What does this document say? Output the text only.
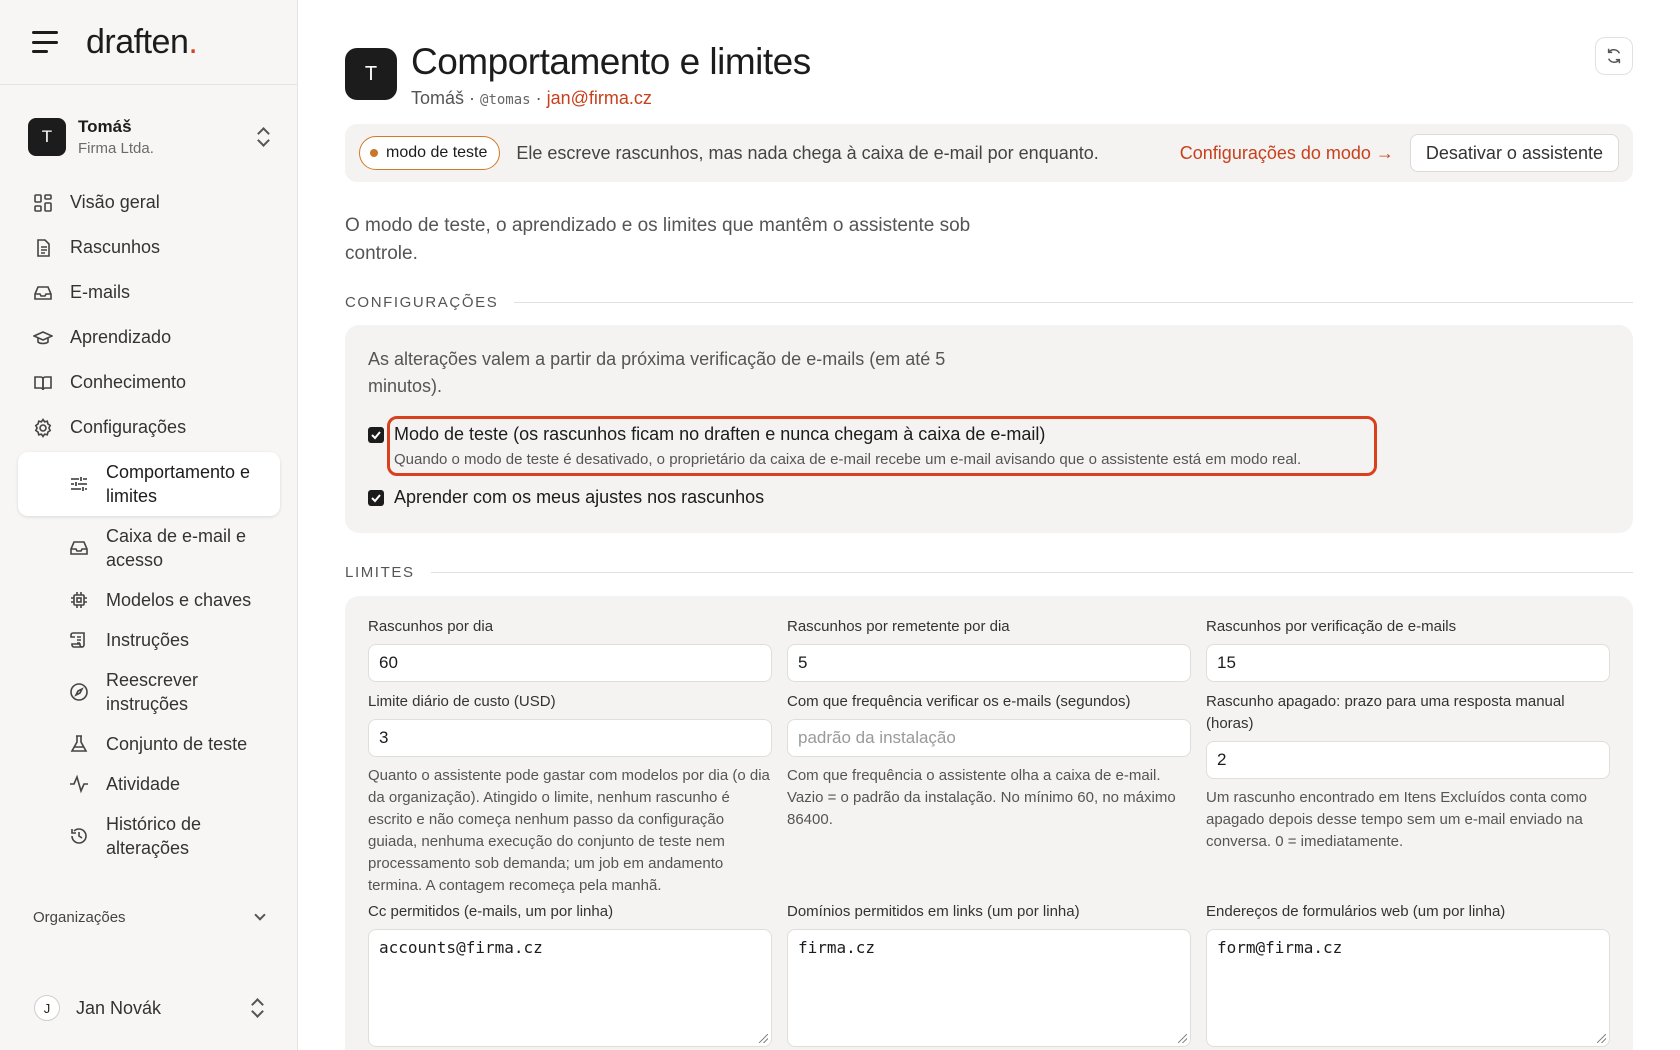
draften.
T
Tomáš
Firma Ltda.
Visão geral
Rascunhos
E-mails
Aprendizado
Conhecimento
Configurações
Comportamento e limites
Caixa de e-mail e acesso
Modelos e chaves
Instruções
Reescrever instruções
Conjunto de teste
Atividade
Histórico de alterações
Organizações
J	Jan Novák
T Comportamento e limites
Tomáš · @tomas · jan@firma.cz
modo de teste Ele escreve rascunhos, mas nada chega à caixa de e-mail por enquanto.	Configurações do modo →	Desativar o assistente

O modo de teste, o aprendizado e os limites que mantêm o assistente sob controle.

CONFIGURAÇÕES
As alterações valem a partir da próxima verificação de e-mails (em até 5 minutos).
Modo de teste (os rascunhos ficam no draften e nunca chegam à caixa de e-mail)
Quando o modo de teste é desativado, o proprietário da caixa de e-mail recebe um e-mail avisando que o assistente está em modo real.
Aprender com os meus ajustes nos rascunhos
LIMITES
Rascunhos por dia
60
Rascunhos por remetente por dia
5
Rascunhos por verificação de e-mails
15
Limite diário de custo (USD)
3
Quanto o assistente pode gastar com modelos por dia (o dia da organização). Atingido o limite, nenhum rascunho é escrito e não começa nenhum passo da configuração guiada, nenhuma execução do conjunto de teste nem processamento sob demanda; um job em andamento termina. A contagem recomeça pela manhã.
Com que frequência verificar os e-mails (segundos)
padrão da instalação
Com que frequência o assistente olha a caixa de e-mail. Vazio = o padrão da instalação. No mínimo 60, no máximo 86400.
Rascunho apagado: prazo para uma resposta manual (horas)
2
Um rascunho encontrado em Itens Excluídos conta como apagado depois desse tempo sem um e-mail enviado na conversa. 0 = imediatamente.
Cc permitidos (e-mails, um por linha)
accounts@firma.cz
Domínios permitidos em links (um por linha)
firma.cz
Endereços de formulários web (um por linha)
form@firma.cz
